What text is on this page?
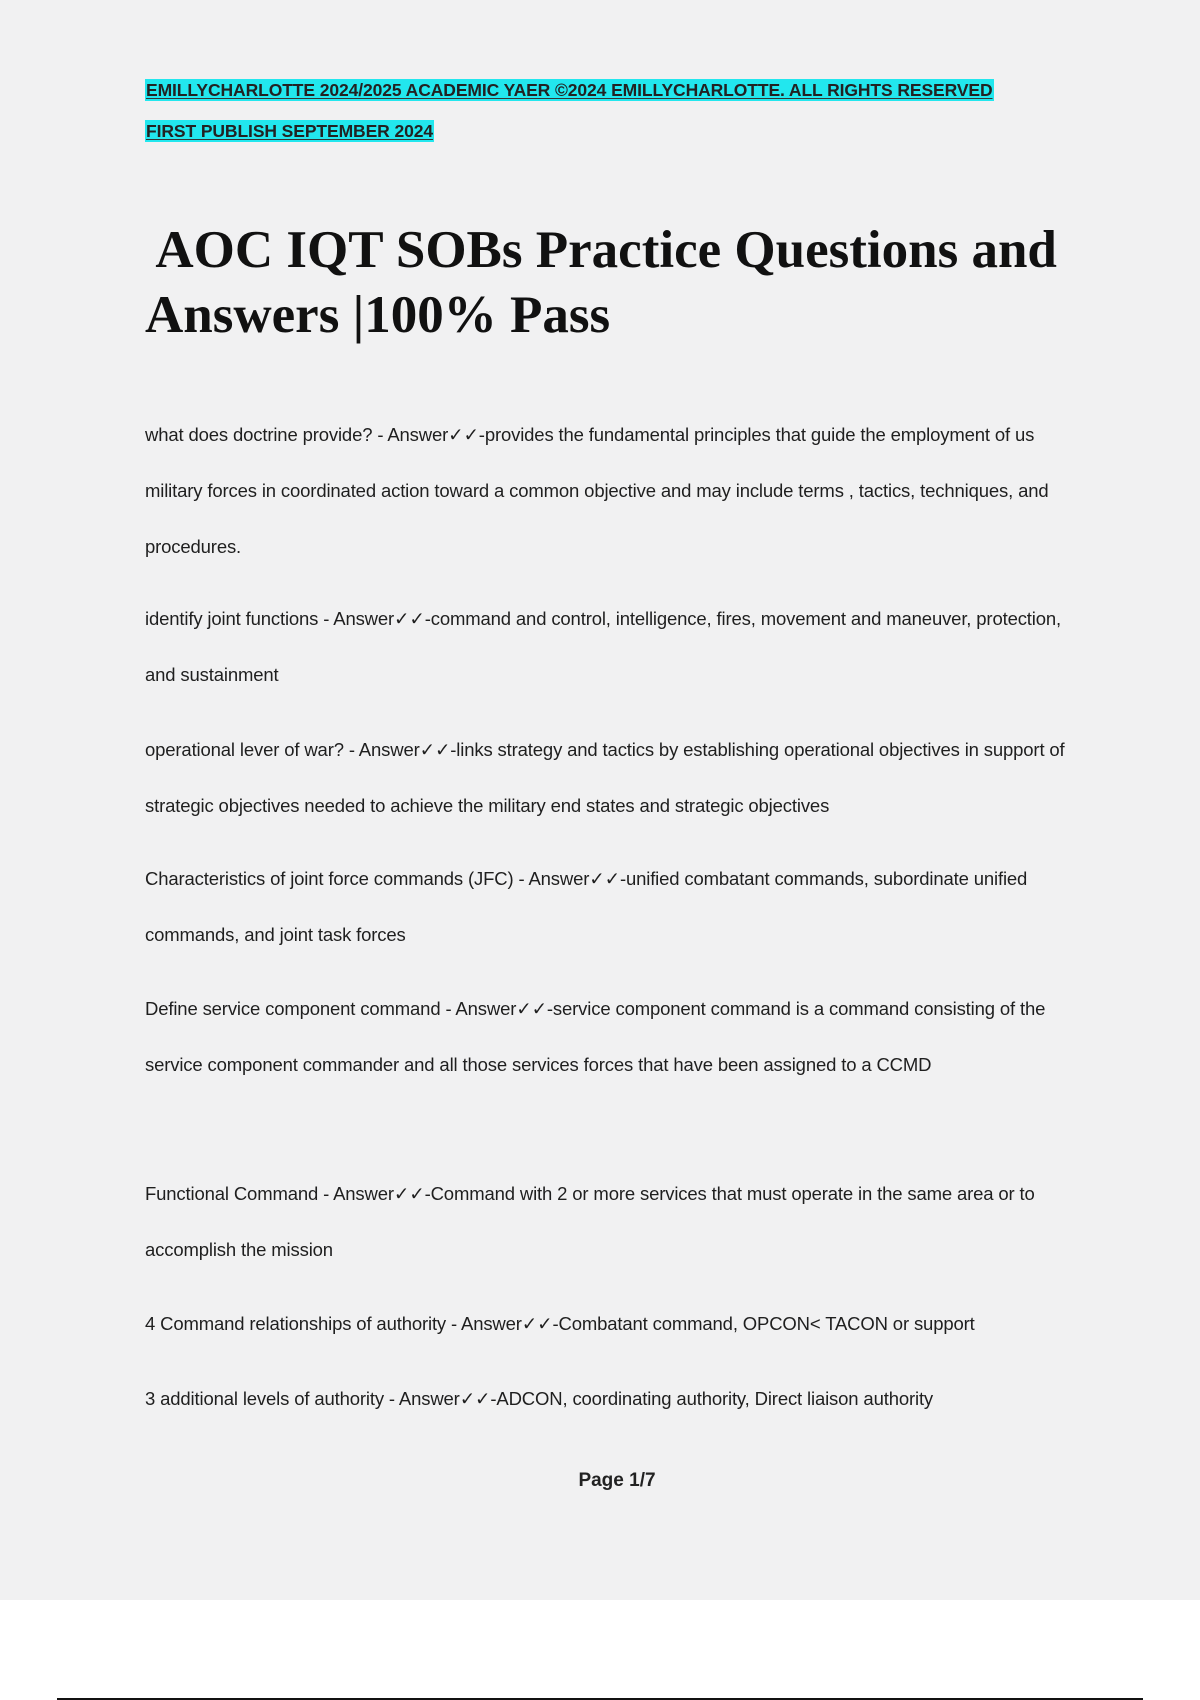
EMILLYCHARLOTTE 2024/2025 ACADEMIC YAER ©2024 EMILLYCHARLOTTE. ALL RIGHTS RESERVED
FIRST PUBLISH SEPTEMBER 2024
AOC IQT SOBs Practice Questions and
Answers |100% Pass

what does doctrine provide? - Answer✓✓-provides the fundamental principles that guide the employment of us military forces in coordinated action toward a common objective and may include terms , tactics, techniques, and procedures.

identify joint functions - Answer✓✓-command and control, intelligence, fires, movement and maneuver, protection, and sustainment

operational lever of war? - Answer✓✓-links strategy and tactics by establishing operational objectives in support of strategic objectives needed to achieve the military end states and strategic objectives

Characteristics of joint force commands (JFC) - Answer✓✓-unified combatant commands, subordinate unified commands, and joint task forces

Define service component command - Answer✓✓-service component command is a command consisting of the service component commander and all those services forces that have been assigned to a CCMD

Functional Command - Answer✓✓-Command with 2 or more services that must operate in the same area or to accomplish the mission

4 Command relationships of authority - Answer✓✓-Combatant command, OPCON< TACON or support

3 additional levels of authority - Answer✓✓-ADCON, coordinating authority, Direct liaison authority

Page 1/7
